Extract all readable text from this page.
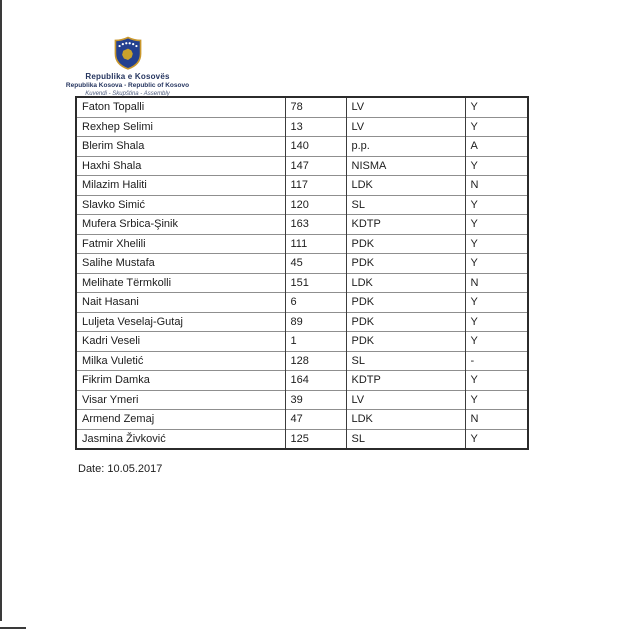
Republika e Kosovës
Republika Kosova - Republic of Kosovo
Kuvendi - Skupština - Assembly
Faton Topalli	78	LV	Y
Rexhep Selimi	13	LV	Y
Blerim Shala	140	p.p.	A
Haxhi Shala	147	NISMA	Y
Milazim Haliti	117	LDK	N
Slavko Simić	120	SL	Y
Mufera Srbica-Şinik	163	KDTP	Y
Fatmir Xhelili	111	PDK	Y
Salihe Mustafa	45	PDK	Y
Melihate Tërmkolli	151	LDK	N
Nait Hasani	6	PDK	Y
Luljeta Veselaj-Gutaj	89	PDK	Y
Kadri Veseli	1	PDK	Y
Milka Vuletić	128	SL	-
Fikrim Damka	164	KDTP	Y
Visar Ymeri	39	LV	Y
Armend Zemaj	47	LDK	N
Jasmina Živković	125	SL	Y
Date: 10.05.2017
